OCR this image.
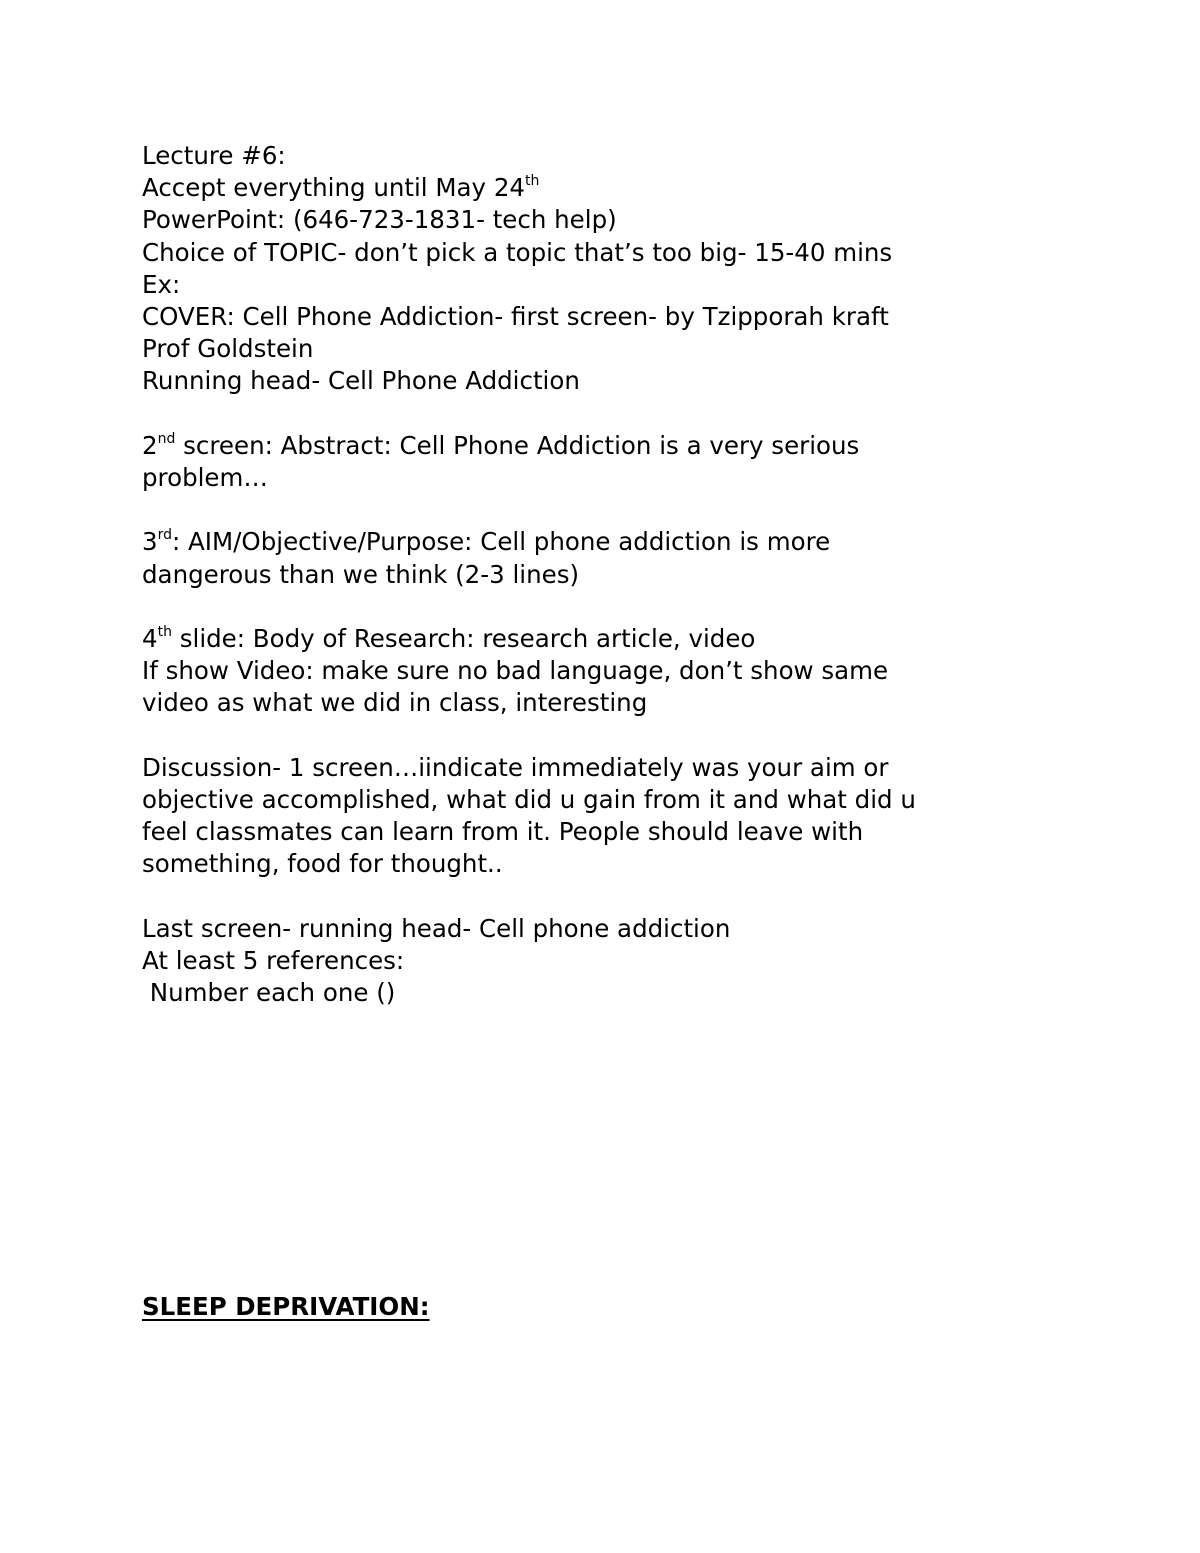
Lecture #6:

Accept everything until May 24th

PowerPoint: (646-723-1831- tech help)

Choice of TOPIC- don’t pick a topic that’s too big- 15-40 mins

Ex:

COVER: Cell Phone Addiction- first screen- by Tzipporah kraft

Prof Goldstein

Running head- Cell Phone Addiction

2nd screen: Abstract: Cell Phone Addiction is a very serious

problem…

3rd: AIM/Objective/Purpose: Cell phone addiction is more

dangerous than we think (2-3 lines)

4th slide: Body of Research: research article, video

If show Video: make sure no bad language, don’t show same

video as what we did in class, interesting

Discussion- 1 screen…iindicate immediately was your aim or

objective accomplished, what did u gain from it and what did u

feel classmates can learn from it. People should leave with

something, food for thought..

Last screen- running head- Cell phone addiction

At least 5 references:

Number each one ()

SLEEP DEPRIVATION:
